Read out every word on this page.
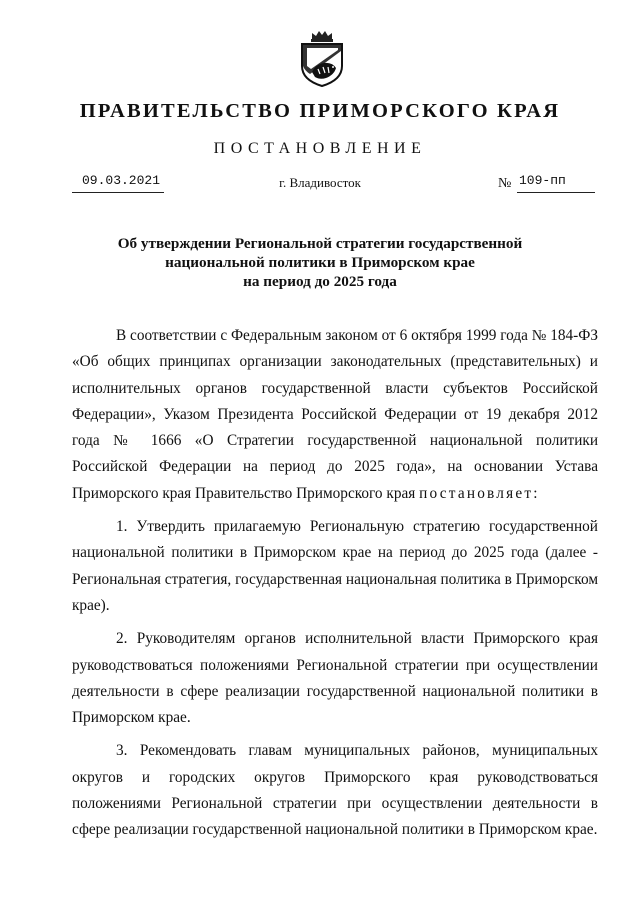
ПРАВИТЕЛЬСТВО ПРИМОРСКОГО КРАЯ
ПОСТАНОВЛЕНИЕ
09.03.2021	г. Владивосток	№ 109-пп
Об утверждении Региональной стратегии государственной
национальной политики в Приморском крае
на период до 2025 года

В соответствии с Федеральным законом от 6 октября 1999 года № 184-ФЗ «Об общих принципах организации законодательных (представительных) и исполнительных органов государственной власти субъектов Российской Федерации», Указом Президента Российской Федерации от 19 декабря 2012 года № 1666 «О Стратегии государственной национальной политики Российской Федерации на период до 2025 года», на основании Устава Приморского края Правительство Приморского края постановляет:

1. Утвердить прилагаемую Региональную стратегию государственной национальной политики в Приморском крае на период до 2025 года (далее - Региональная стратегия, государственная национальная политика в Приморском крае).

2. Руководителям органов исполнительной власти Приморского края руководствоваться положениями Региональной стратегии при осуществлении деятельности в сфере реализации государственной национальной политики в Приморском крае.

3. Рекомендовать главам муниципальных районов, муниципальных округов и городских округов Приморского края руководствоваться положениями Региональной стратегии при осуществлении деятельности в сфере реализации государственной национальной политики в Приморском крае.
